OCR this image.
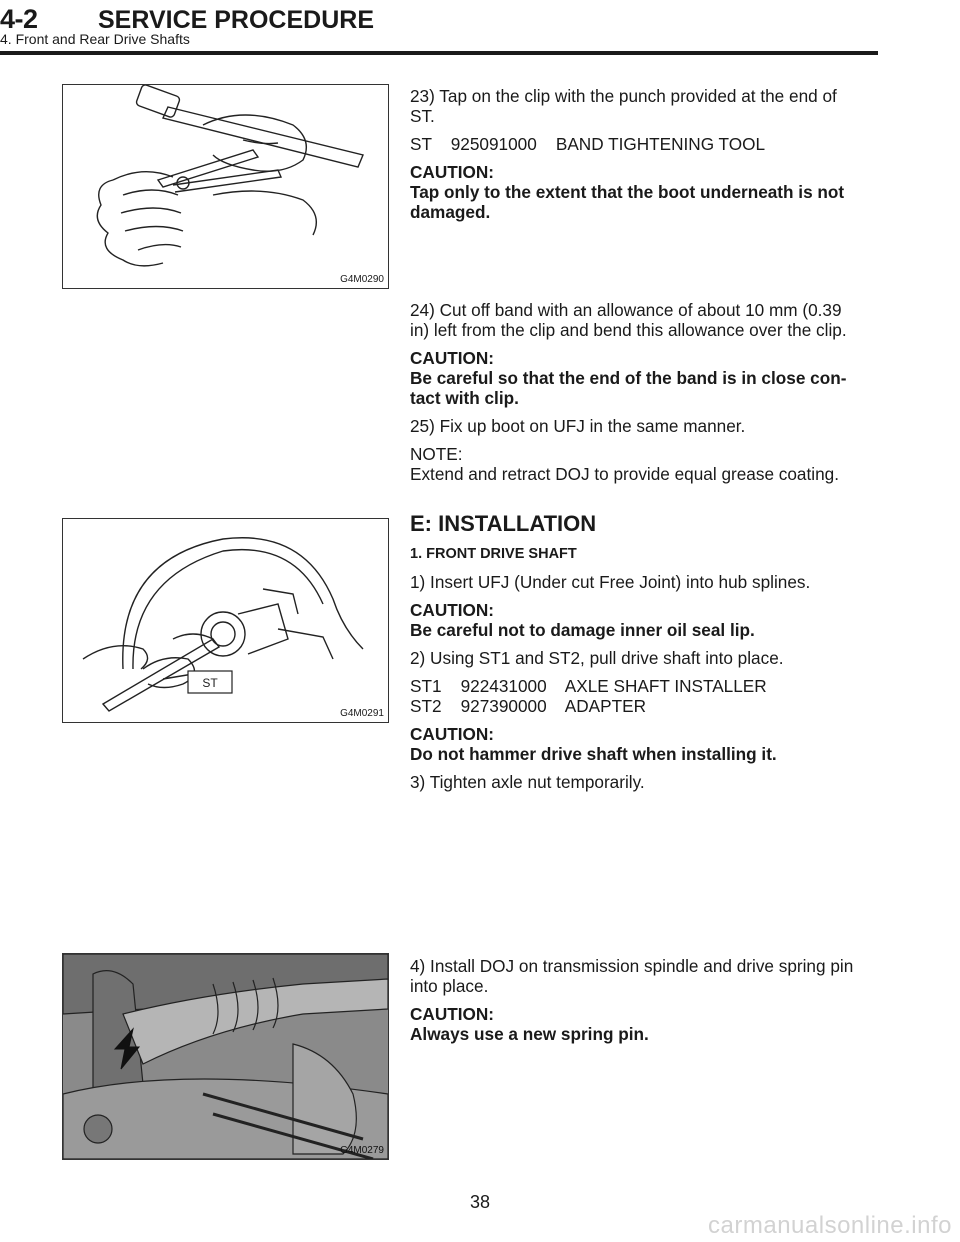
4-2 SERVICE PROCEDURE
4. Front and Rear Drive Shafts
G4M0290

23) Tap on the clip with the punch provided at the end of
ST.

ST    925091000    BAND TIGHTENING TOOL

CAUTION:
Tap only to the extent that the boot underneath is not
damaged.

24) Cut off band with an allowance of about 10 mm (0.39
in) left from the clip and bend this allowance over the clip.

CAUTION:
Be careful so that the end of the band is in close con-
tact with clip.

25) Fix up boot on UFJ in the same manner.

NOTE:
Extend and retract DOJ to provide equal grease coating.

ST
G4M0291

E: INSTALLATION

1. FRONT DRIVE SHAFT

1) Insert UFJ (Under cut Free Joint) into hub splines.

CAUTION:
Be careful not to damage inner oil seal lip.

2) Using ST1 and ST2, pull drive shaft into place.

ST1    922431000    AXLE SHAFT INSTALLER
ST2    927390000    ADAPTER

CAUTION:
Do not hammer drive shaft when installing it.

3) Tighten axle nut temporarily.

G4M0279

4) Install DOJ on transmission spindle and drive spring pin
into place.

CAUTION:
Always use a new spring pin.

38
carmanualsonline.info
